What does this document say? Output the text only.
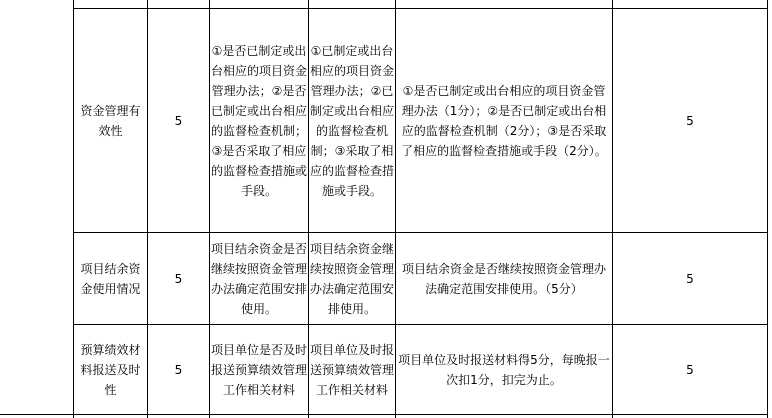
资金管理有效性
5
①是否已制定或出台相应的项目资金管理办法；②是否已制定或出台相应的监督检查机制；③是否采取了相应的监督检查措施或手段。
①已制定或出台相应的项目资金管理办法；②已制定或出台相应的监督检查机制；③采取了相应的监督检查措施或手段。
①是否已制定或出台相应的项目资金管理办法（1分）；②是否已制定或出台相应的监督检查机制（2分）；③是否采取了相应的监督检查措施或手段（2分）。
5
项目结余资金使用情况
5
项目结余资金是否继续按照资金管理办法确定范围安排使用。
项目结余资金继续按照资金管理办法确定范围安排使用。
项目结余资金是否继续按照资金管理办法确定范围安排使用。（5分）
5
预算绩效材料报送及时性
5
项目单位是否及时报送预算绩效管理工作相关材料
项目单位及时报送预算绩效管理工作相关材料
项目单位及时报送材料得5分，每晚报一次扣1分，扣完为止。
5
